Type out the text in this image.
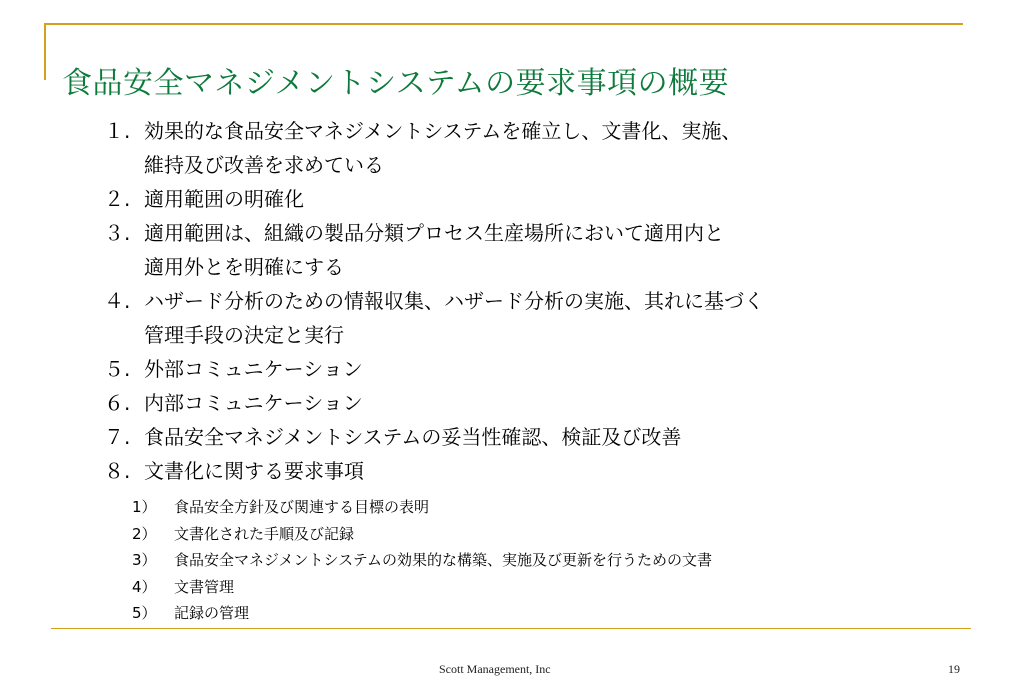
食品安全マネジメントシステムの要求事項の概要
１. 効果的な食品安全マネジメントシステムを確立し、文書化、実施、
維持及び改善を求めている
２. 適用範囲の明確化
３. 適用範囲は、組織の製品分類プロセス生産場所において適用内と
適用外とを明確にする
４. ハザード分析のための情報収集、ハザード分析の実施、其れに基づく
管理手段の決定と実行
５. 外部コミュニケーション
６. 内部コミュニケーション
７. 食品安全マネジメントシステムの妥当性確認、検証及び改善
８. 文書化に関する要求事項
1） 食品安全方針及び関連する目標の表明
2） 文書化された手順及び記録
3） 食品安全マネジメントシステムの効果的な構築、実施及び更新を行うための文書
4） 文書管理
5） 記録の管理
Scott Management, Inc	19
